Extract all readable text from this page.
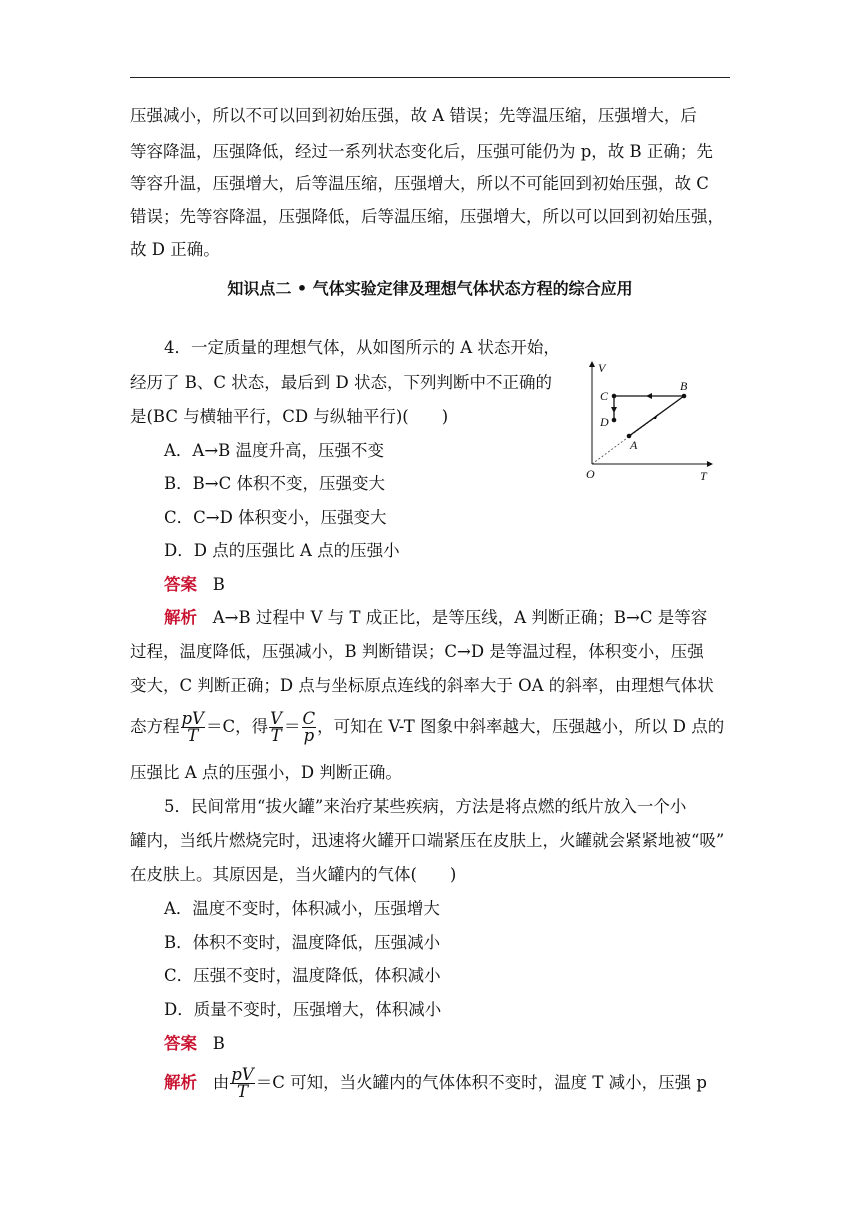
压强减小，所以不可以回到初始压强，故 A 错误；先等温压缩，压强增大，后
等容降温，压强降低，经过一系列状态变化后，压强可能仍为 p，故 B 正确；先
等容升温，压强增大，后等温压缩，压强增大，所以不可能回到初始压强，故 C
错误；先等容降温，压强降低，后等温压缩，压强增大，所以可以回到初始压强，
故 D 正确。
知识点二 • 气体实验定律及理想气体状态方程的综合应用
4．一定质量的理想气体，从如图所示的 A 状态开始，
经历了 B、C 状态，最后到 D 状态，下列判断中不正确的
是(BC 与横轴平行，CD 与纵轴平行)(　　)
A．A→B 温度升高，压强不变
B．B→C 体积不变，压强变大
C．C→D 体积变小，压强变大
D．D 点的压强比 A 点的压强小
答案 B
解析 A→B 过程中 V 与 T 成正比，是等压线，A 判断正确；B→C 是等容
过程，温度降低，压强减小，B 判断错误；C→D 是等温过程，体积变小，压强
变大，C 判断正确；D 点与坐标原点连线的斜率大于 OA 的斜率，由理想气体状
态方程 $\frac{pV}{T} =C$，得 $\frac{V}{T} = \frac{C}{p}$ ，可知在 V-T 图象中斜率越大，压强越小，所以 D 点的
压强比 A 点的压强小，D 判断正确。
V
T
O
A
B
C
D
5．民间常用“拔火罐”来治疗某些疾病，方法是将点燃的纸片放入一个小
罐内，当纸片燃烧完时，迅速将火罐开口端紧压在皮肤上，火罐就会紧紧地被“吸”
在皮肤上。其原因是，当火罐内的气体(　　)
A．温度不变时，体积减小，压强增大
B．体积不变时，温度降低，压强减小
C．压强不变时，温度降低，体积减小
D．质量不变时，压强增大，体积减小
答案 B
解析 由 $\frac{pV}{T} =C$ 可知，当火罐内的气体体积不变时，温度 T 减小，压强 p
